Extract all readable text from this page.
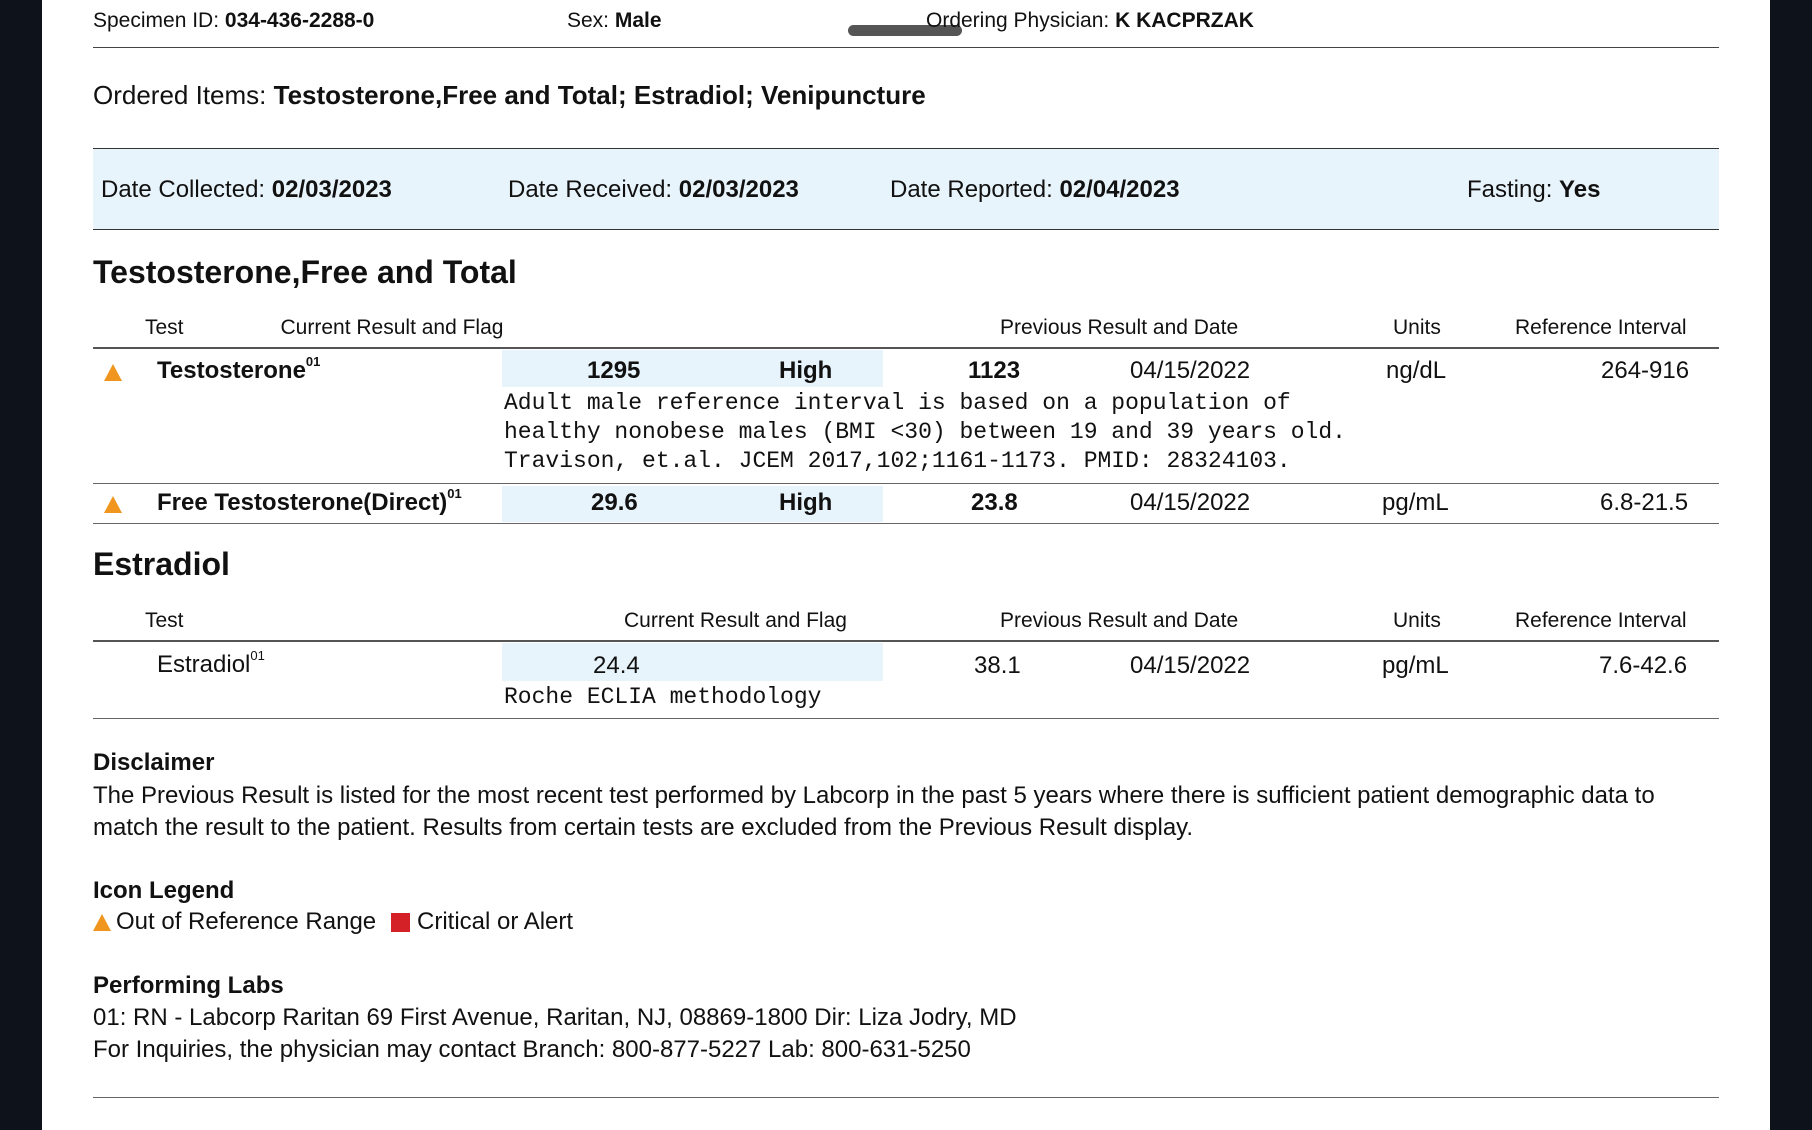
Specimen ID: 034-436-2288-0	Sex: Male	Ordering Physician: K KACPRZAK
Ordered Items: Testosterone,Free and Total; Estradiol; Venipuncture
Date Collected: 02/03/2023	Date Received: 02/03/2023	Date Reported: 02/04/2023	Fasting: Yes
Testosterone,Free and Total
Test	Current Result and Flag	Previous Result and Date	Units	Reference Interval
Testosterone$^{01}$	1295	High	1123	04/15/2022	ng/dL	264-916
Adult male reference interval is based on a population of
healthy nonobese males (BMI <30) between 19 and 39 years old.
Travison, et.al. JCEM 2017,102;1161-1173. PMID: 28324103.
Free Testosterone(Direct)$^{01}$	29.6	High	23.8	04/15/2022	pg/mL	6.8-21.5
Estradiol
Test	Current Result and Flag	Previous Result and Date	Units	Reference Interval
Estradiol$^{01}$	24.4	38.1	04/15/2022	pg/mL	7.6-42.6
Roche ECLIA methodology
Disclaimer
The Previous Result is listed for the most recent test performed by Labcorp in the past 5 years where there is sufficient patient demographic data to match the result to the patient. Results from certain tests are excluded from the Previous Result display.
Icon Legend
Out of Reference Range Critical or Alert
Performing Labs
01: RN - Labcorp Raritan 69 First Avenue, Raritan, NJ, 08869-1800 Dir: Liza Jodry, MD
For Inquiries, the physician may contact Branch: 800-877-5227 Lab: 800-631-5250
